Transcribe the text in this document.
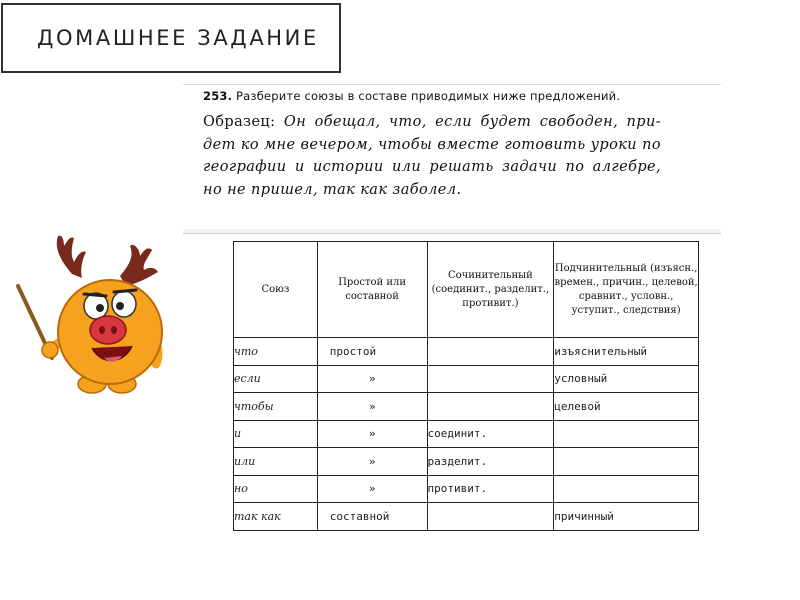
ДОМАШНЕЕ ЗАДАНИЕ
253. Разберите союзы в составе приводимых ниже предложений.
Образец: Он обещал, что, если будет свободен, при- дет ко мне вечером, чтобы вместе готовить уроки по географии и истории или решать задачи по алгебре, но не пришел, так как заболел.
Союз	Простой или составной	Сочинительный (соединит., разделит., противит.)	Подчинительный (изъясн., времен., причин., целевой, сравнит., условн., уступит., следствия)
что	простой		изъяснительный
если	»		условный
чтобы	»		целевой
и	»	соединит.	
или	»	разделит.	
но	»	противит.	
так как	составной		причинный
